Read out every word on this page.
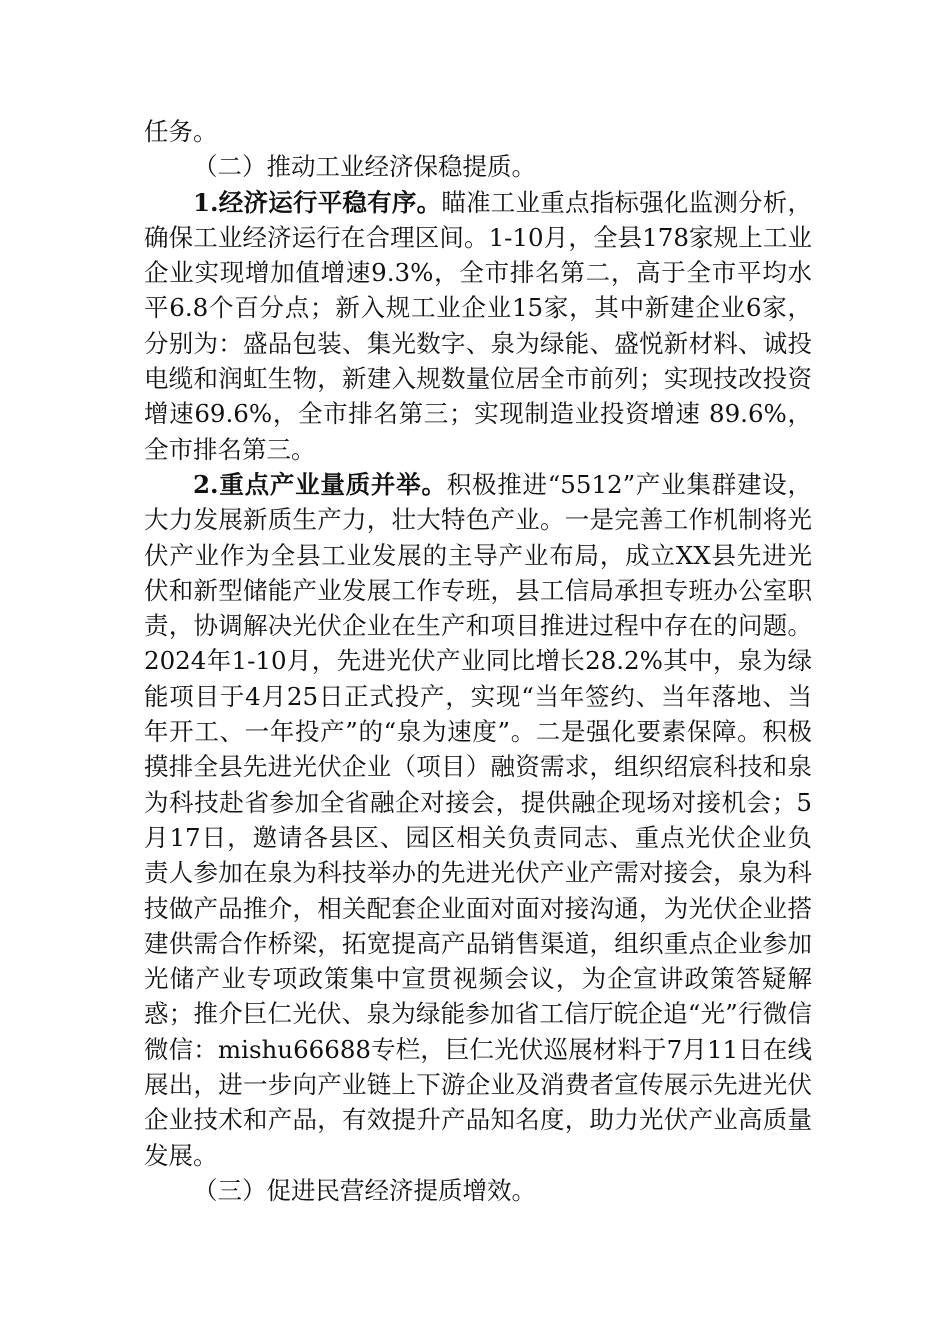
任务。

（二）推动工业经济保稳提质。

1.经济运行平稳有序。瞄准工业重点指标强化监测分析，确保工业经济运行在合理区间。1-10月，全县178家规上工业企业实现增加值增速9.3%，全市排名第二，高于全市平均水平6.8个百分点；新入规工业企业15家，其中新建企业6家，分别为：盛品包装、集光数字、泉为绿能、盛悦新材料、诚投电缆和润虹生物，新建入规数量位居全市前列；实现技改投资增速69.6%，全市排名第三；实现制造业投资增速 89.6%，全市排名第三。

2.重点产业量质并举。积极推进“5512”产业集群建设，大力发展新质生产力，壮大特色产业。一是完善工作机制将光伏产业作为全县工业发展的主导产业布局，成立XX县先进光伏和新型储能产业发展工作专班，县工信局承担专班办公室职责，协调解决光伏企业在生产和项目推进过程中存在的问题。2024年1-10月，先进光伏产业同比增长28.2%其中，泉为绿能项目于4月25日正式投产，实现“当年签约、当年落地、当年开工、一年投产”的“泉为速度”。二是强化要素保障。积极摸排全县先进光伏企业（项目）融资需求，组织绍宸科技和泉为科技赴省参加全省融企对接会，提供融企现场对接机会；5月17日，邀请各县区、园区相关负责同志、重点光伏企业负责人参加在泉为科技举办的先进光伏产业产需对接会，泉为科技做产品推介，相关配套企业面对面对接沟通，为光伏企业搭建供需合作桥梁，拓宽提高产品销售渠道，组织重点企业参加光储产业专项政策集中宣贯视频会议，为企宣讲政策答疑解惑；推介巨仁光伏、泉为绿能参加省工信厅皖企追“光”行微信微信：mishu66688专栏，巨仁光伏巡展材料于7月11日在线展出，进一步向产业链上下游企业及消费者宣传展示先进光伏企业技术和产品，有效提升产品知名度，助力光伏产业高质量发展。

（三）促进民营经济提质增效。
